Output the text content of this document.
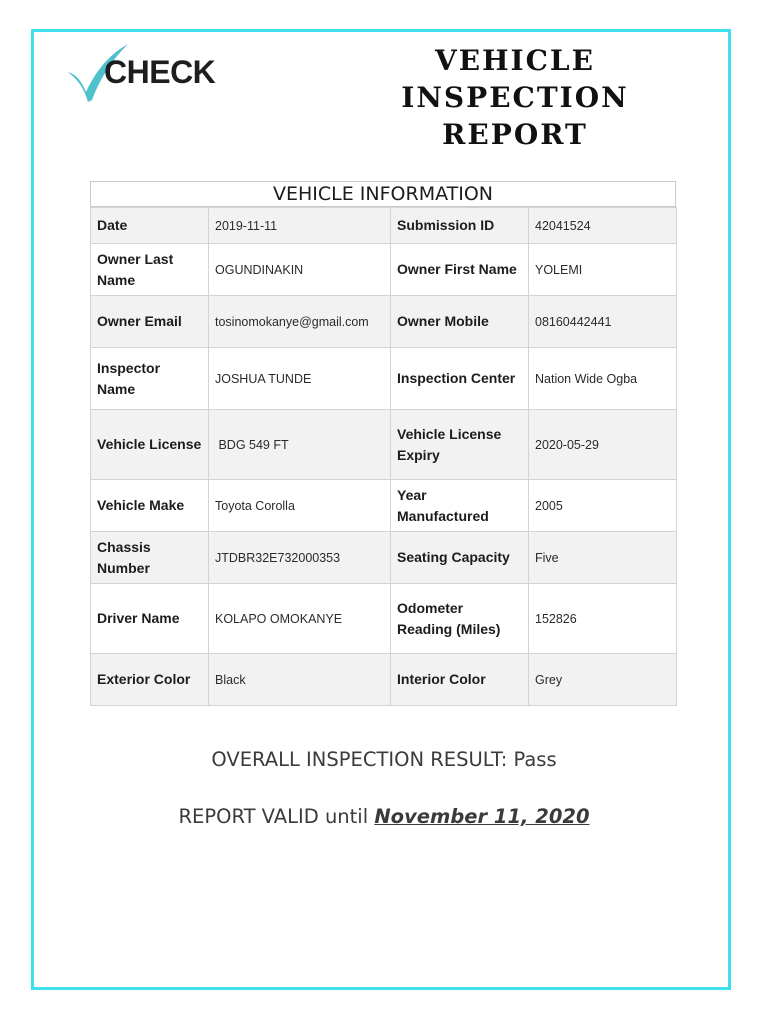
CHECK	VEHICLE
INSPECTION
REPORT
VEHICLE INFORMATION
Date	2019-11-11	Submission ID	42041524
Owner Last Name	OGUNDINAKIN	Owner First Name	YOLEMI
Owner Email	tosinomokanye@gmail.com	Owner Mobile	08160442441
Inspector Name	JOSHUA TUNDE	Inspection Center	Nation Wide Ogba
Vehicle License	BDG 549 FT	Vehicle License Expiry	2020-05-29
Vehicle Make	Toyota Corolla	Year Manufactured	2005
Chassis Number	JTDBR32E732000353	Seating Capacity	Five
Driver Name	KOLAPO OMOKANYE	Odometer Reading (Miles)	152826
Exterior Color	Black	Interior Color	Grey
OVERALL INSPECTION RESULT: Pass
REPORT VALID until November 11, 2020
